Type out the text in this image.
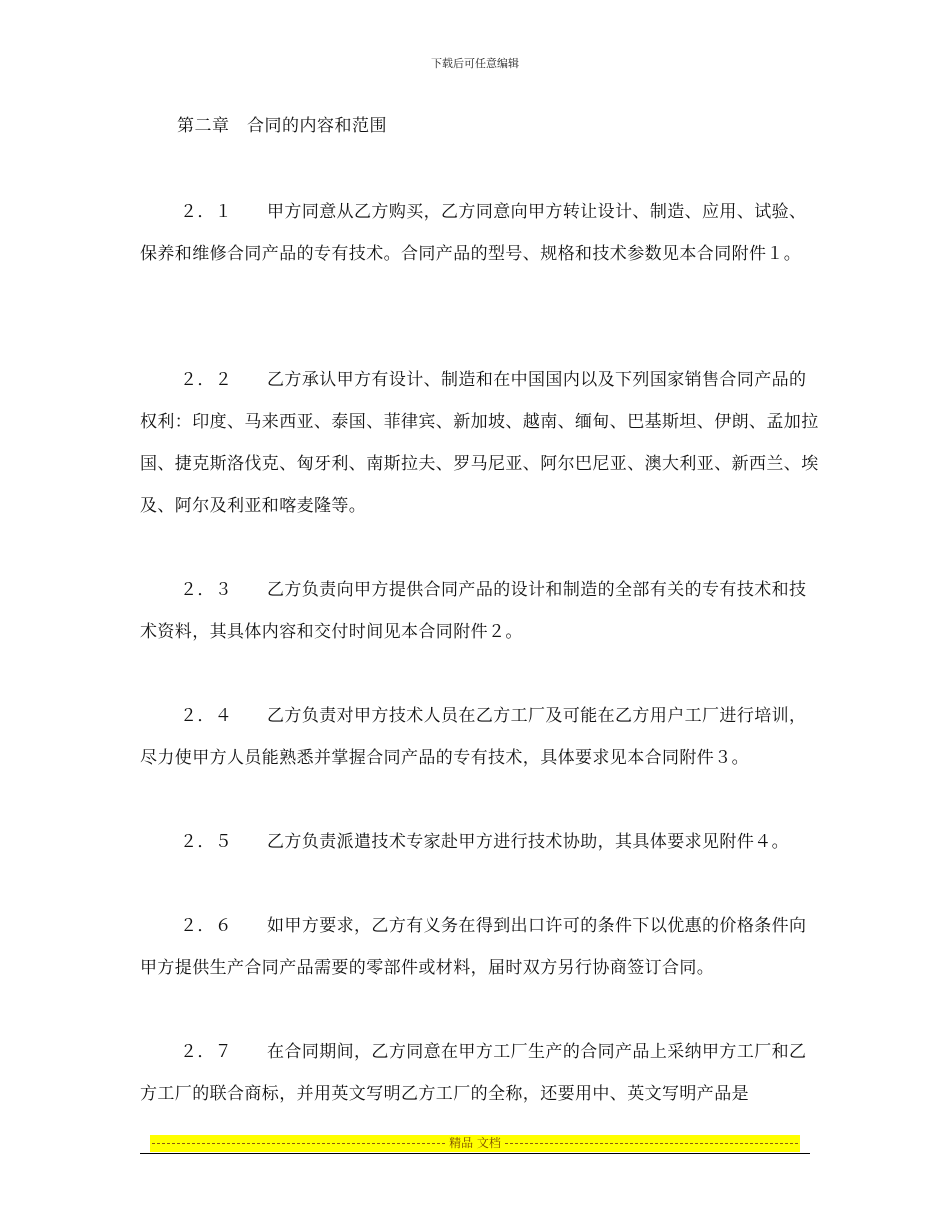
下载后可任意编辑
第二章　合同的内容和范围

２．１　　 甲方同意从乙方购买，乙方同意向甲方转让设计、制造、应用、试验、保养和维修合同产品的专有技术。合同产品的型号、规格和技术参数见本合同附件１。

２．２　　 乙方承认甲方有设计、制造和在中国国内以及下列国家销售合同产品的权利：印度、马来西亚、泰国、菲律宾、新加坡、越南、缅甸、巴基斯坦、伊朗、孟加拉国、捷克斯洛伐克、匈牙利、南斯拉夫、罗马尼亚、阿尔巴尼亚、澳大利亚、新西兰、埃及、阿尔及利亚和喀麦隆等。

２．３　　 乙方负责向甲方提供合同产品的设计和制造的全部有关的专有技术和技术资料，其具体内容和交付时间见本合同附件２。

２．４　　 乙方负责对甲方技术人员在乙方工厂及可能在乙方用户工厂进行培训，尽力使甲方人员能熟悉并掌握合同产品的专有技术，具体要求见本合同附件３。

２．５　　 乙方负责派遣技术专家赴甲方进行技术协助，其具体要求见附件４。

２．６　　 如甲方要求，乙方有义务在得到出口许可的条件下以优惠的价格条件向甲方提供生产合同产品需要的零部件或材料，届时双方另行协商签订合同。

２．７　　 在合同期间，乙方同意在甲方工厂生产的合同产品上采纳甲方工厂和乙方工厂的联合商标，并用英文写明乙方工厂的全称，还要用中、英文写明产品是

精品 文档
